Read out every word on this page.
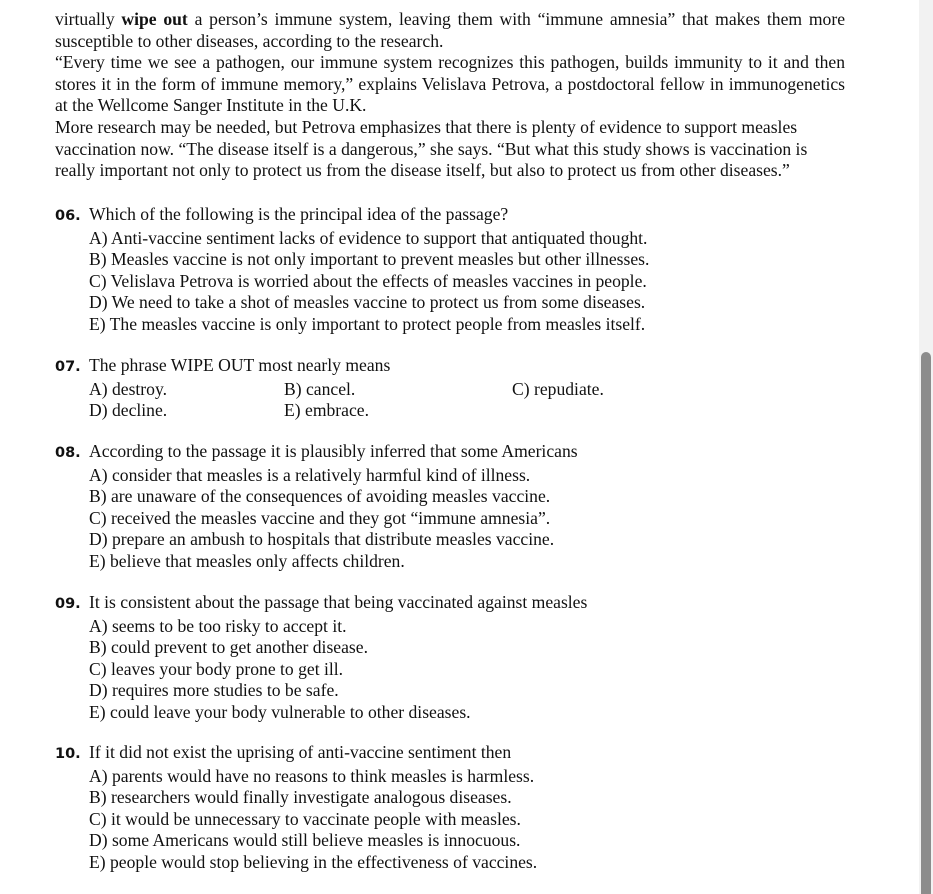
virtually wipe out a person’s immune system, leaving them with “immune amnesia” that makes them more susceptible to other diseases, according to the research.

“Every time we see a pathogen, our immune system recognizes this pathogen, builds immunity to it and then stores it in the form of immune memory,” explains Velislava Petrova, a postdoctoral fellow in immunogenetics at the Wellcome Sanger Institute in the U.K.

More research may be needed, but Petrova emphasizes that there is plenty of evidence to support measles vaccination now. “The disease itself is a dangerous,” she says. “But what this study shows is vaccination is really important not only to protect us from the disease itself, but also to protect us from other diseases.”

06. Which of the following is the principal idea of the passage?
A) Anti-vaccine sentiment lacks of evidence to support that antiquated thought.
B) Measles vaccine is not only important to prevent measles but other illnesses.
C) Velislava Petrova is worried about the effects of measles vaccines in people.
D) We need to take a shot of measles vaccine to protect us from some diseases.
E) The measles vaccine is only important to protect people from measles itself.
07. The phrase WIPE OUT most nearly means
A) destroy.	B) cancel.	C) repudiate.
D) decline.	E) embrace.
08. According to the passage it is plausibly inferred that some Americans
A) consider that measles is a relatively harmful kind of illness.
B) are unaware of the consequences of avoiding measles vaccine.
C) received the measles vaccine and they got “immune amnesia”.
D) prepare an ambush to hospitals that distribute measles vaccine.
E) believe that measles only affects children.
09. It is consistent about the passage that being vaccinated against measles
A) seems to be too risky to accept it.
B) could prevent to get another disease.
C) leaves your body prone to get ill.
D) requires more studies to be safe.
E) could leave your body vulnerable to other diseases.
10. If it did not exist the uprising of anti-vaccine sentiment then
A) parents would have no reasons to think measles is harmless.
B) researchers would finally investigate analogous diseases.
C) it would be unnecessary to vaccinate people with measles.
D) some Americans would still believe measles is innocuous.
E) people would stop believing in the effectiveness of vaccines.
